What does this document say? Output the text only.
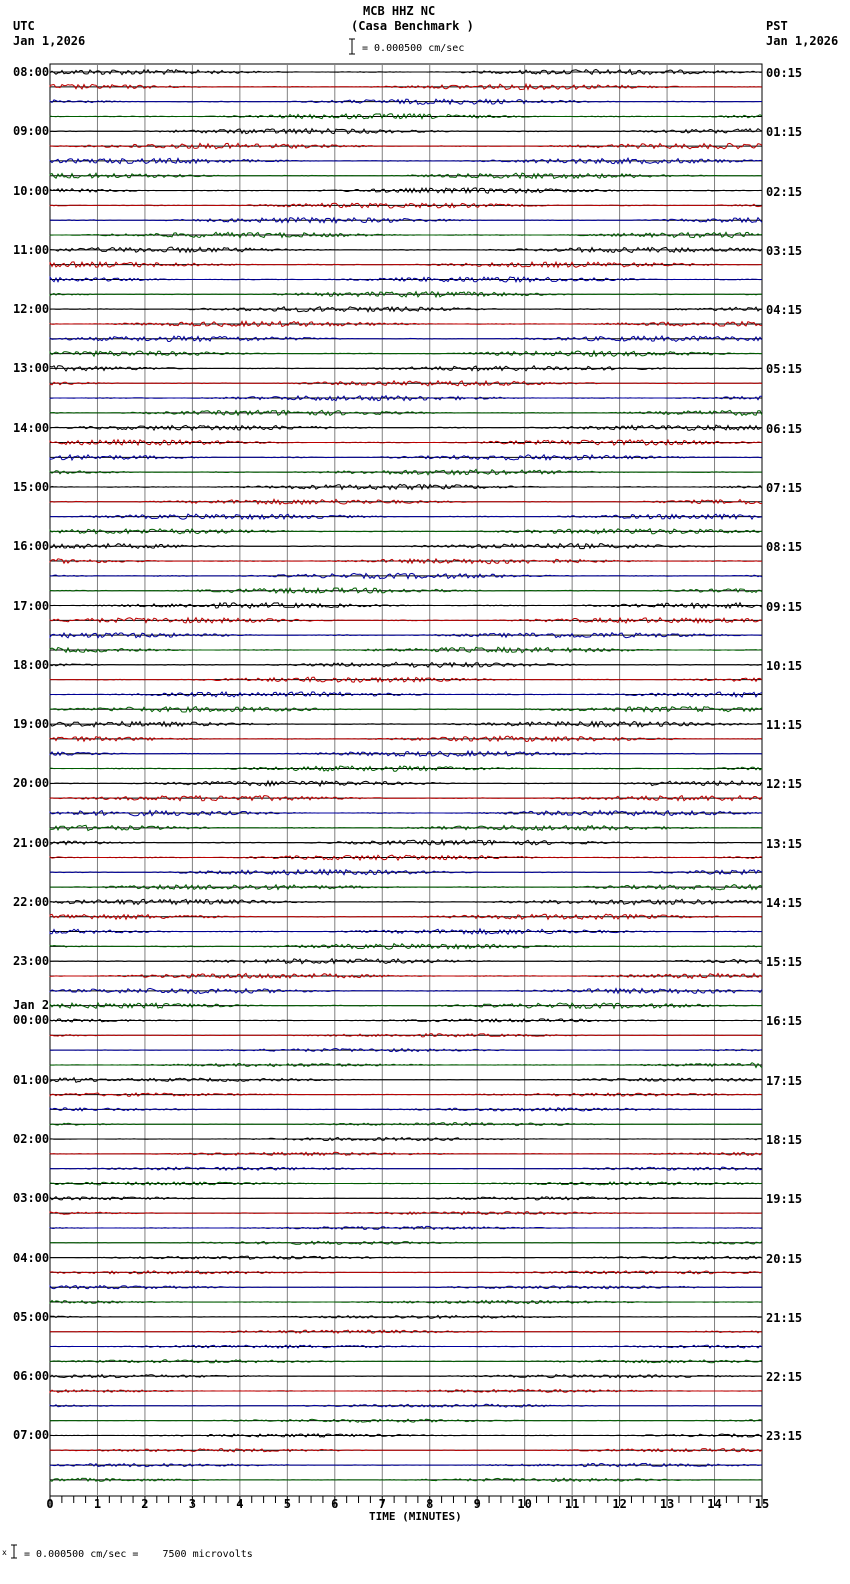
MCB HHZ NC
(Casa Benchmark )
UTC
Jan 1,2026
PST
Jan 1,2026
= 0.000500 cm/sec
08:00
09:00
10:00
11:00
12:00
13:00
14:00
15:00
16:00
17:00
18:00
19:00
20:00
21:00
22:00
23:00
00:00
Jan 2
01:00
02:00
03:00
04:00
05:00
06:00
07:00
00:15
01:15
02:15
03:15
04:15
05:15
06:15
07:15
08:15
09:15
10:15
11:15
12:15
13:15
14:15
15:15
16:15
17:15
18:15
19:15
20:15
21:15
22:15
23:15
0	1	2	3	4	5	6	7	8	9	10	11	12	13	14	15
TIME (MINUTES)
x = 0.000500 cm/sec =    7500 microvolts
